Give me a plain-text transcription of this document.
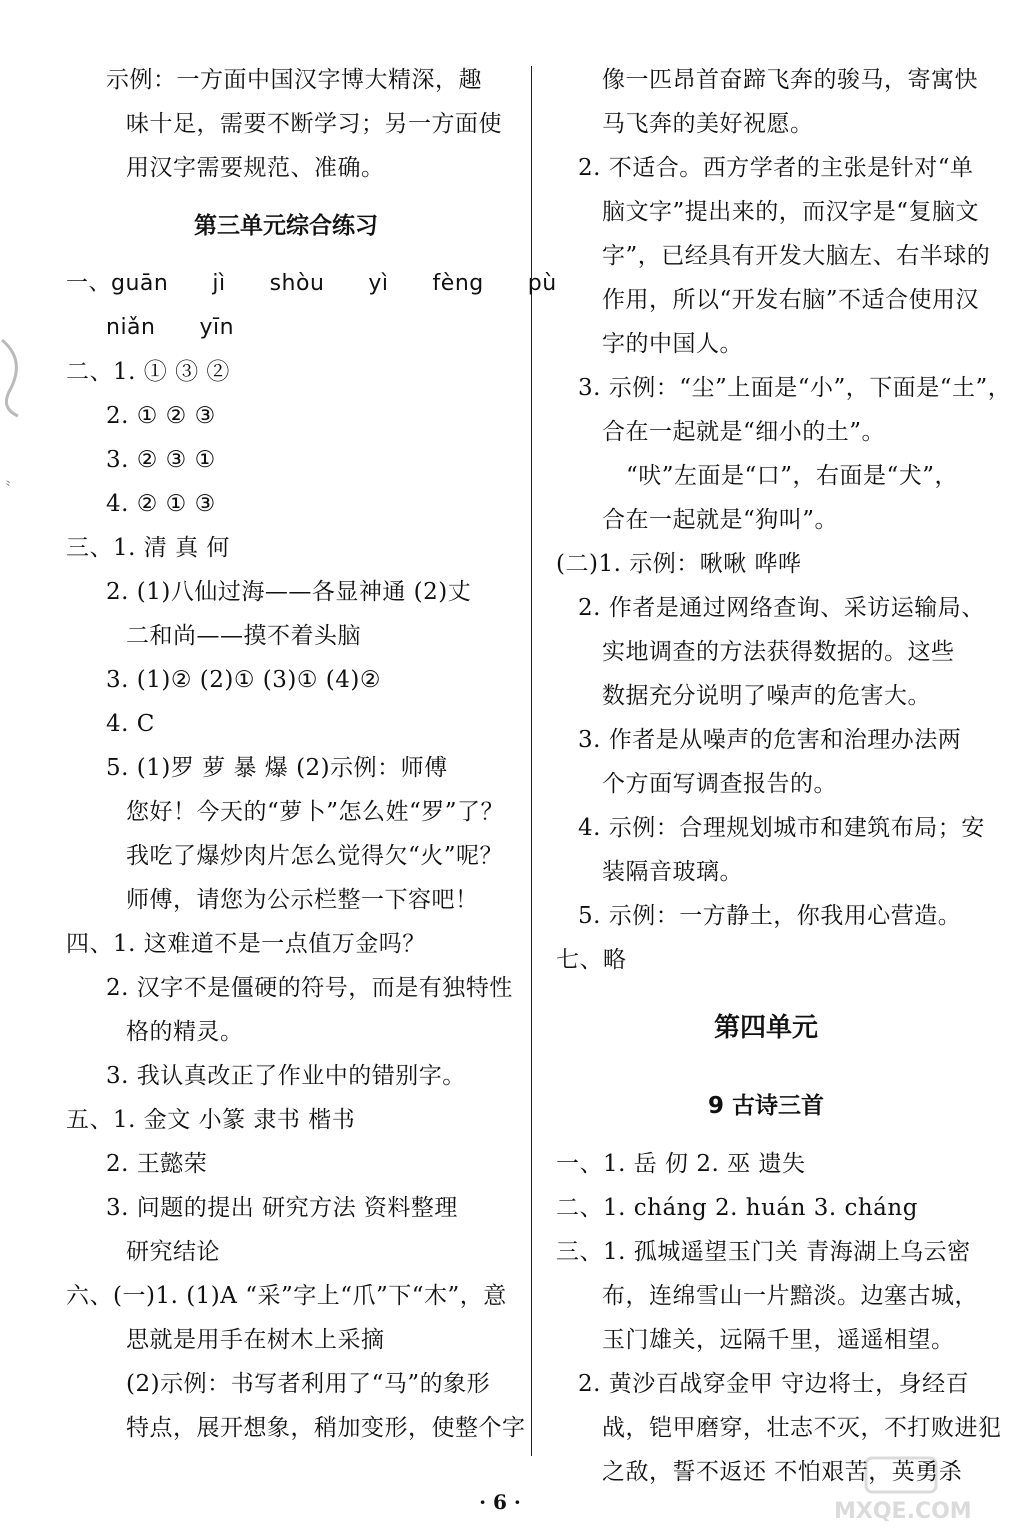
⺀
示例：一方面中国汉字博大精深，趣
味十足，需要不断学习；另一方面使
用汉字需要规范、准确。
第三单元综合练习
一、guān jì shòu yì fèng pù
niǎn yīn
二、1. ① ③ ②
2. ① ② ③
3. ② ③ ①
4. ② ① ③
三、1. 清 真 何
2. (1)八仙过海——各显神通 (2)丈
二和尚——摸不着头脑
3. (1)② (2)① (3)① (4)②
4. C
5. (1)罗 萝 暴 爆 (2)示例：师傅
您好！今天的“萝卜”怎么姓“罗”了？
我吃了爆炒肉片怎么觉得欠“火”呢？
师傅，请您为公示栏整一下容吧！
四、1. 这难道不是一点值万金吗？
2. 汉字不是僵硬的符号，而是有独特性
格的精灵。
3. 我认真改正了作业中的错别字。
五、1. 金文 小篆 隶书 楷书
2. 王懿荣
3. 问题的提出 研究方法 资料整理
研究结论
六、(一)1. (1)A “采”字上“爪”下“木”，意
思就是用手在树木上采摘
(2)示例：书写者利用了“马”的象形
特点，展开想象，稍加变形，使整个字
像一匹昂首奋蹄飞奔的骏马，寄寓快
马飞奔的美好祝愿。
2. 不适合。西方学者的主张是针对“单
脑文字”提出来的，而汉字是“复脑文
字”，已经具有开发大脑左、右半球的
作用，所以“开发右脑”不适合使用汉
字的中国人。
3. 示例：“尘”上面是“小”，下面是“土”，
合在一起就是“细小的土”。
“吠”左面是“口”，右面是“犬”，
合在一起就是“狗叫”。
(二)1. 示例：啾啾 哗哗
2. 作者是通过网络查询、采访运输局、
实地调查的方法获得数据的。这些
数据充分说明了噪声的危害大。
3. 作者是从噪声的危害和治理办法两
个方面写调查报告的。
4. 示例：合理规划城市和建筑布局；安
装隔音玻璃。
5. 示例：一方静土，你我用心营造。
七、略
第四单元
9 古诗三首
一、1. 岳 仞 2. 巫 遗失
二、1. cháng 2. huán 3. cháng
三、1. 孤城遥望玉门关 青海湖上乌云密
布，连绵雪山一片黯淡。边塞古城，
玉门雄关，远隔千里，遥遥相望。
2. 黄沙百战穿金甲 守边将士，身经百
战，铠甲磨穿，壮志不灭，不打败进犯
之敌，誓不返还 不怕艰苦，英勇杀
· 6 ·	MXQE.COM
